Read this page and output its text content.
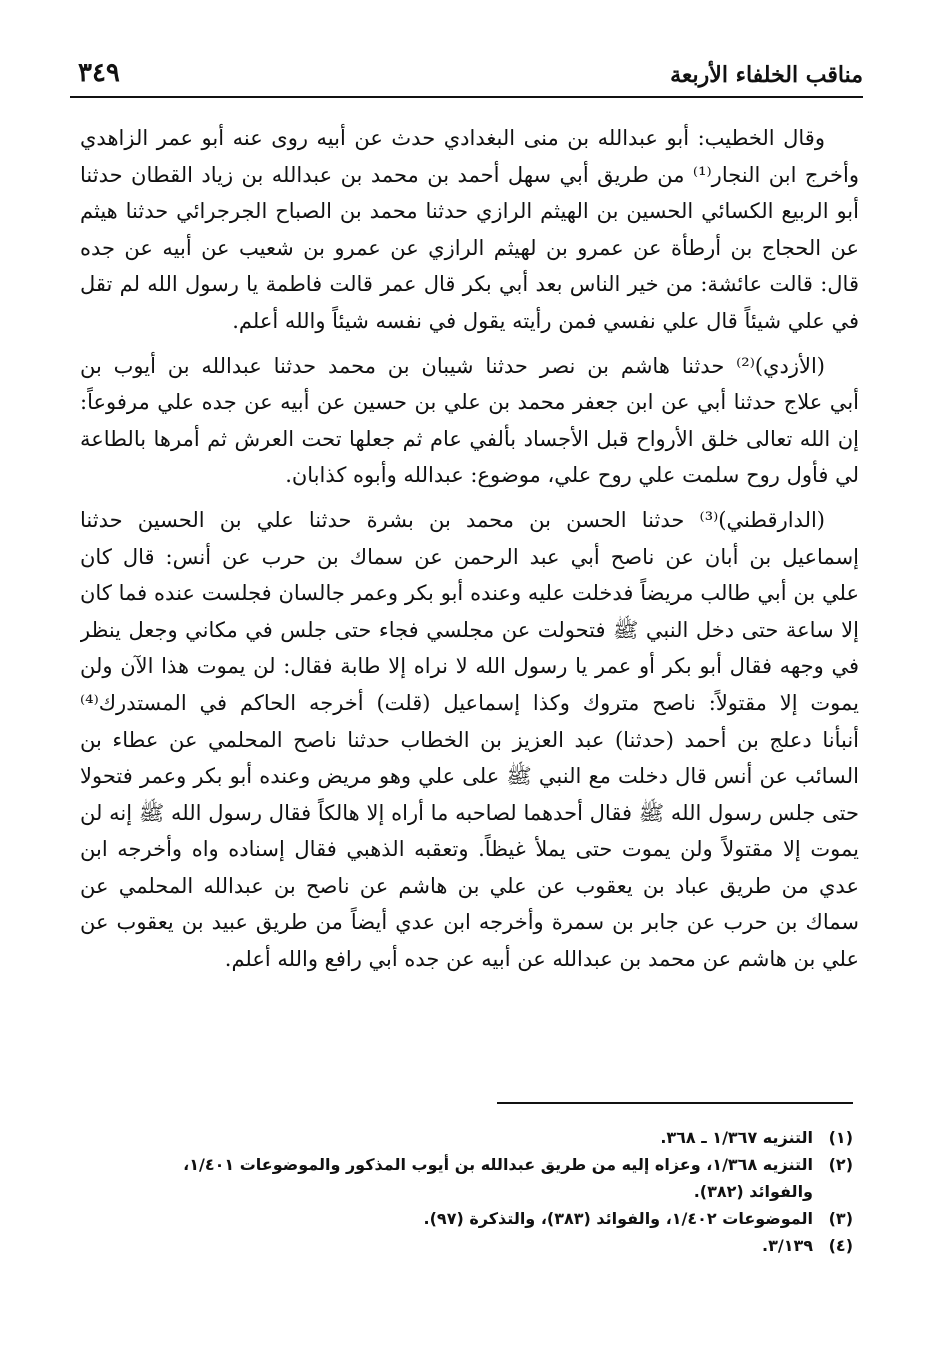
مناقب الخلفاء الأربعة
٣٤٩
وقال الخطيب: أبو عبدالله بن منى البغدادي حدث عن أبيه روى عنه أبو عمر الزاهدي
وأخرج ابن النجار⁽¹⁾ من طريق أبي سهل أحمد بن محمد بن عبدالله بن زياد القطان حدثنا
أبو الربيع الكسائي الحسين بن الهيثم الرازي حدثنا محمد بن الصباح الجرجرائي حدثنا هيثم
عن الحجاج بن أرطأة عن عمرو بن لهيثم الرازي عن عمرو بن شعيب عن أبيه عن جده
قال: قالت عائشة: من خير الناس بعد أبي بكر قال عمر قالت فاطمة يا رسول الله لم تقل
في علي شيئاً قال علي نفسي فمن رأيته يقول في نفسه شيئاً والله أعلم.
(الأزدي)⁽²⁾ حدثنا هاشم بن نصر حدثنا شيبان بن محمد حدثنا عبدالله بن أيوب بن
أبي علاج حدثنا أبي عن ابن جعفر محمد بن علي بن حسين عن أبيه عن جده علي مرفوعاً:
إن الله تعالى خلق الأرواح قبل الأجساد بألفي عام ثم جعلها تحت العرش ثم أمرها بالطاعة
لي فأول روح سلمت علي روح علي، موضوع: عبدالله وأبوه كذابان.
(الدارقطني)⁽³⁾ حدثنا الحسن بن محمد بن بشرة حدثنا علي بن الحسين حدثنا
إسماعيل بن أبان عن ناصح أبي عبد الرحمن عن سماك بن حرب عن أنس: قال كان
علي بن أبي طالب مريضاً فدخلت عليه وعنده أبو بكر وعمر جالسان فجلست عنده فما كان
إلا ساعة حتى دخل النبي ﷺ فتحولت عن مجلسي فجاء حتى جلس في مكاني وجعل ينظر
في وجهه فقال أبو بكر أو عمر يا رسول الله لا نراه إلا طابة فقال: لن يموت هذا الآن ولن
يموت إلا مقتولاً: ناصح متروك وكذا إسماعيل (قلت) أخرجه الحاكم في المستدرك⁽⁴⁾
أنبأنا دعلج بن أحمد (حدثنا) عبد العزيز بن الخطاب حدثنا ناصح المحلمي عن عطاء بن
السائب عن أنس قال دخلت مع النبي ﷺ على علي وهو مريض وعنده أبو بكر وعمر فتحولا
حتى جلس رسول الله ﷺ فقال أحدهما لصاحبه ما أراه إلا هالكاً فقال رسول الله ﷺ إنه لن
يموت إلا مقتولاً ولن يموت حتى يملأ غيظاً. وتعقبه الذهبي فقال إسناده واه وأخرجه ابن
عدي من طريق عباد بن يعقوب عن علي بن هاشم عن ناصح بن عبدالله المحلمي عن
سماك بن حرب عن جابر بن سمرة وأخرجه ابن عدي أيضاً من طريق عبيد بن يعقوب عن
علي بن هاشم عن محمد بن عبدالله عن أبيه عن جده أبي رافع والله أعلم.
(١)التنزيه ١/٣٦٧ ـ ٣٦٨.
(٢)التنزيه ١/٣٦٨، وعزاه إليه من طريق عبدالله بن أيوب المذكور والموضوعات ١/٤٠١،
والفوائد (٣٨٢).
(٣)الموضوعات ١/٤٠٢، والفوائد (٣٨٣)، والتذكرة (٩٧).
(٤)٣/١٣٩.
